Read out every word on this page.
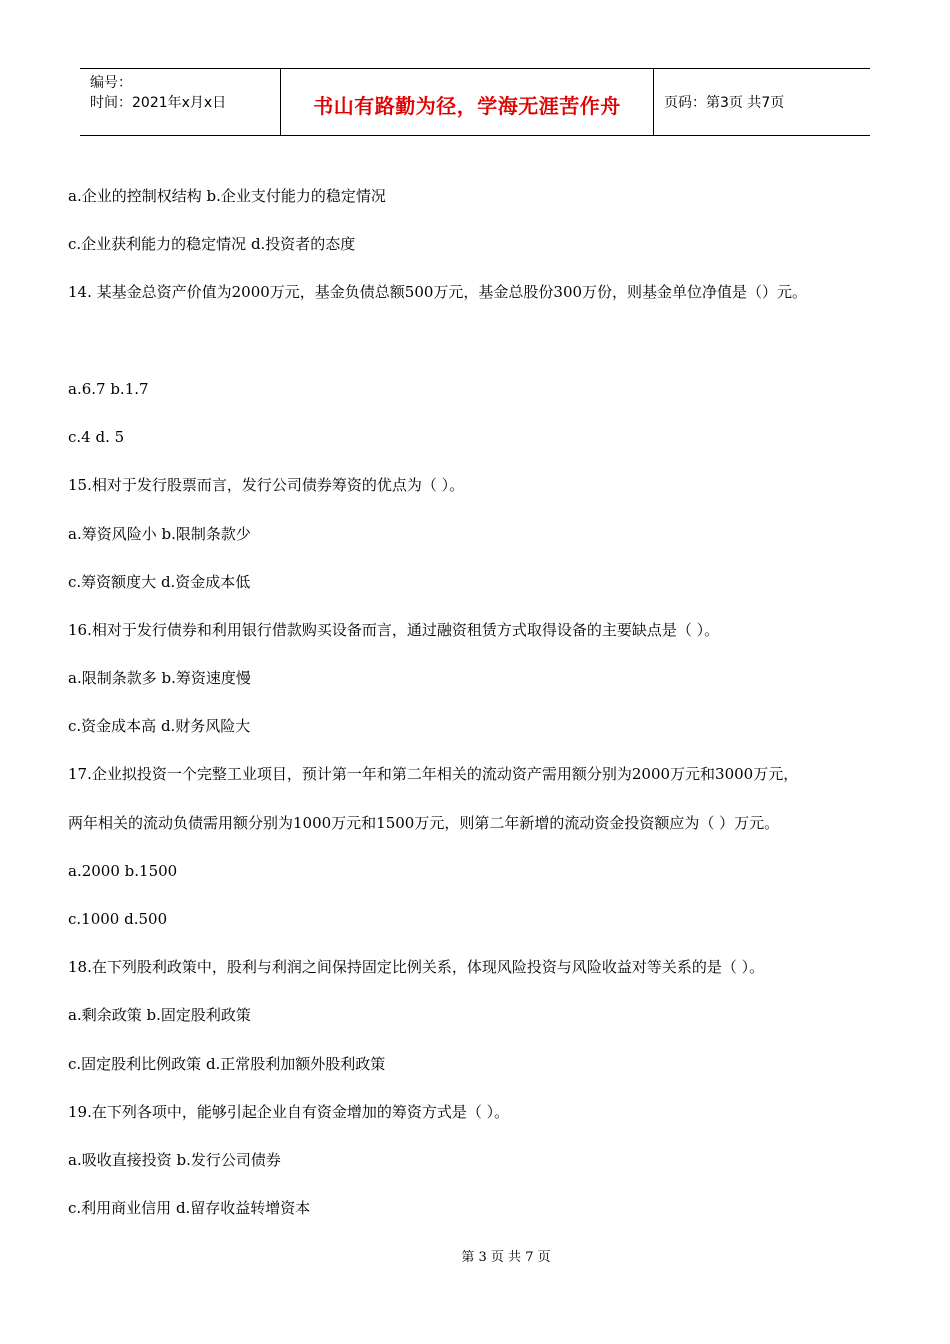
编号：
时间：2021年x月x日	书山有路勤为径，学海无涯苦作舟	页码：第3页 共7页
a.企业的控制权结构 b.企业支付能力的稳定情况
c.企业获利能力的稳定情况 d.投资者的态度
14. 某基金总资产价值为2000万元，基金负债总额500万元，基金总股份300万份，则基金单位净值是（）元。
a.6.7 b.1.7
c.4 d. 5
15.相对于发行股票而言，发行公司债券筹资的优点为（ ）。
a.筹资风险小 b.限制条款少
c.筹资额度大 d.资金成本低
16.相对于发行债券和利用银行借款购买设备而言，通过融资租赁方式取得设备的主要缺点是（ ）。
a.限制条款多 b.筹资速度慢
c.资金成本高 d.财务风险大
17.企业拟投资一个完整工业项目，预计第一年和第二年相关的流动资产需用额分别为2000万元和3000万元，
两年相关的流动负债需用额分别为1000万元和1500万元，则第二年新增的流动资金投资额应为（ ）万元。
a.2000 b.1500
c.1000 d.500
18.在下列股利政策中，股利与利润之间保持固定比例关系，体现风险投资与风险收益对等关系的是（ ）。
a.剩余政策 b.固定股利政策
c.固定股利比例政策 d.正常股利加额外股利政策
19.在下列各项中，能够引起企业自有资金增加的筹资方式是（ ）。
a.吸收直接投资 b.发行公司债券
c.利用商业信用 d.留存收益转增资本
第 3 页 共 7 页
